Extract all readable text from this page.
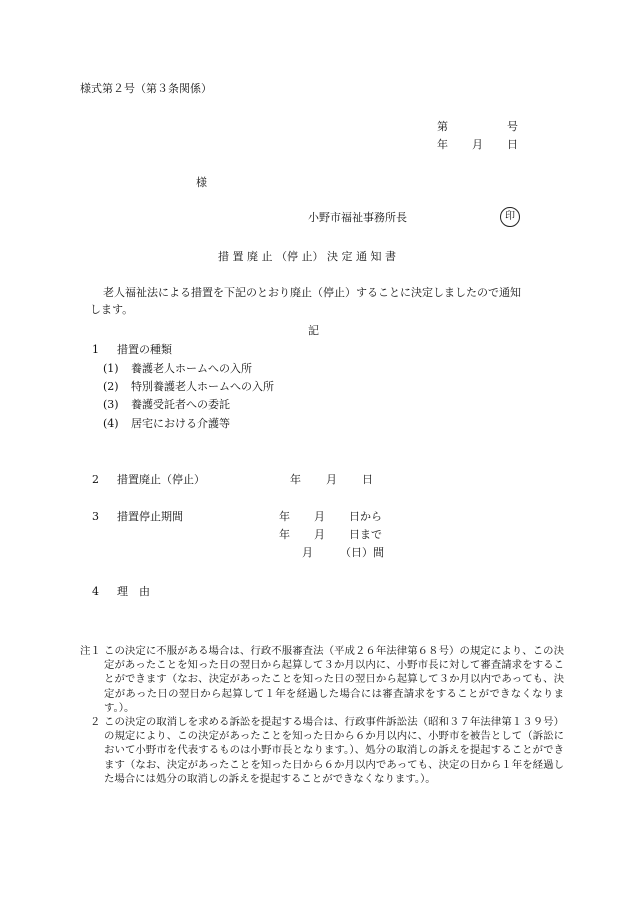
様式第２号（第３条関係）
第	号
年 月 日
様
小野市福祉事務所長	印
措 置 廃 止 （停 止） 決 定 通 知 書
老人福祉法による措置を下記のとおり廃止（停止）することに決定しましたので通知
します。
記
1 措置の種類
(1) 養護老人ホームへの入所
(2) 特別養護老人ホームへの入所
(3) 養護受託者への委託
(4) 居宅における介護等
2 措置廃止（停止）	年 月 日
3 措置停止期間	年 月 日から
年 月 日まで
月 （日）間
4 理　由
注１ この決定に不服がある場合は、行政不服審査法（平成２６年法律第６８号）の規定により、この決定があったことを知った日の翌日から起算して３か月以内に、小野市長に対して審査請求をすることができます（なお、決定があったことを知った日の翌日から起算して３か月以内であっても、決定があった日の翌日から起算して１年を経過した場合には審査請求をすることができなくなります。）。
２ この決定の取消しを求める訴訟を提起する場合は、行政事件訴訟法（昭和３７年法律第１３９号）の規定により、この決定があったことを知った日から６か月以内に、小野市を被告として（訴訟において小野市を代表するものは小野市長となります。）、処分の取消しの訴えを提起することができます（なお、決定があったことを知った日から６か月以内であっても、決定の日から１年を経過した場合には処分の取消しの訴えを提起することができなくなります。）。
